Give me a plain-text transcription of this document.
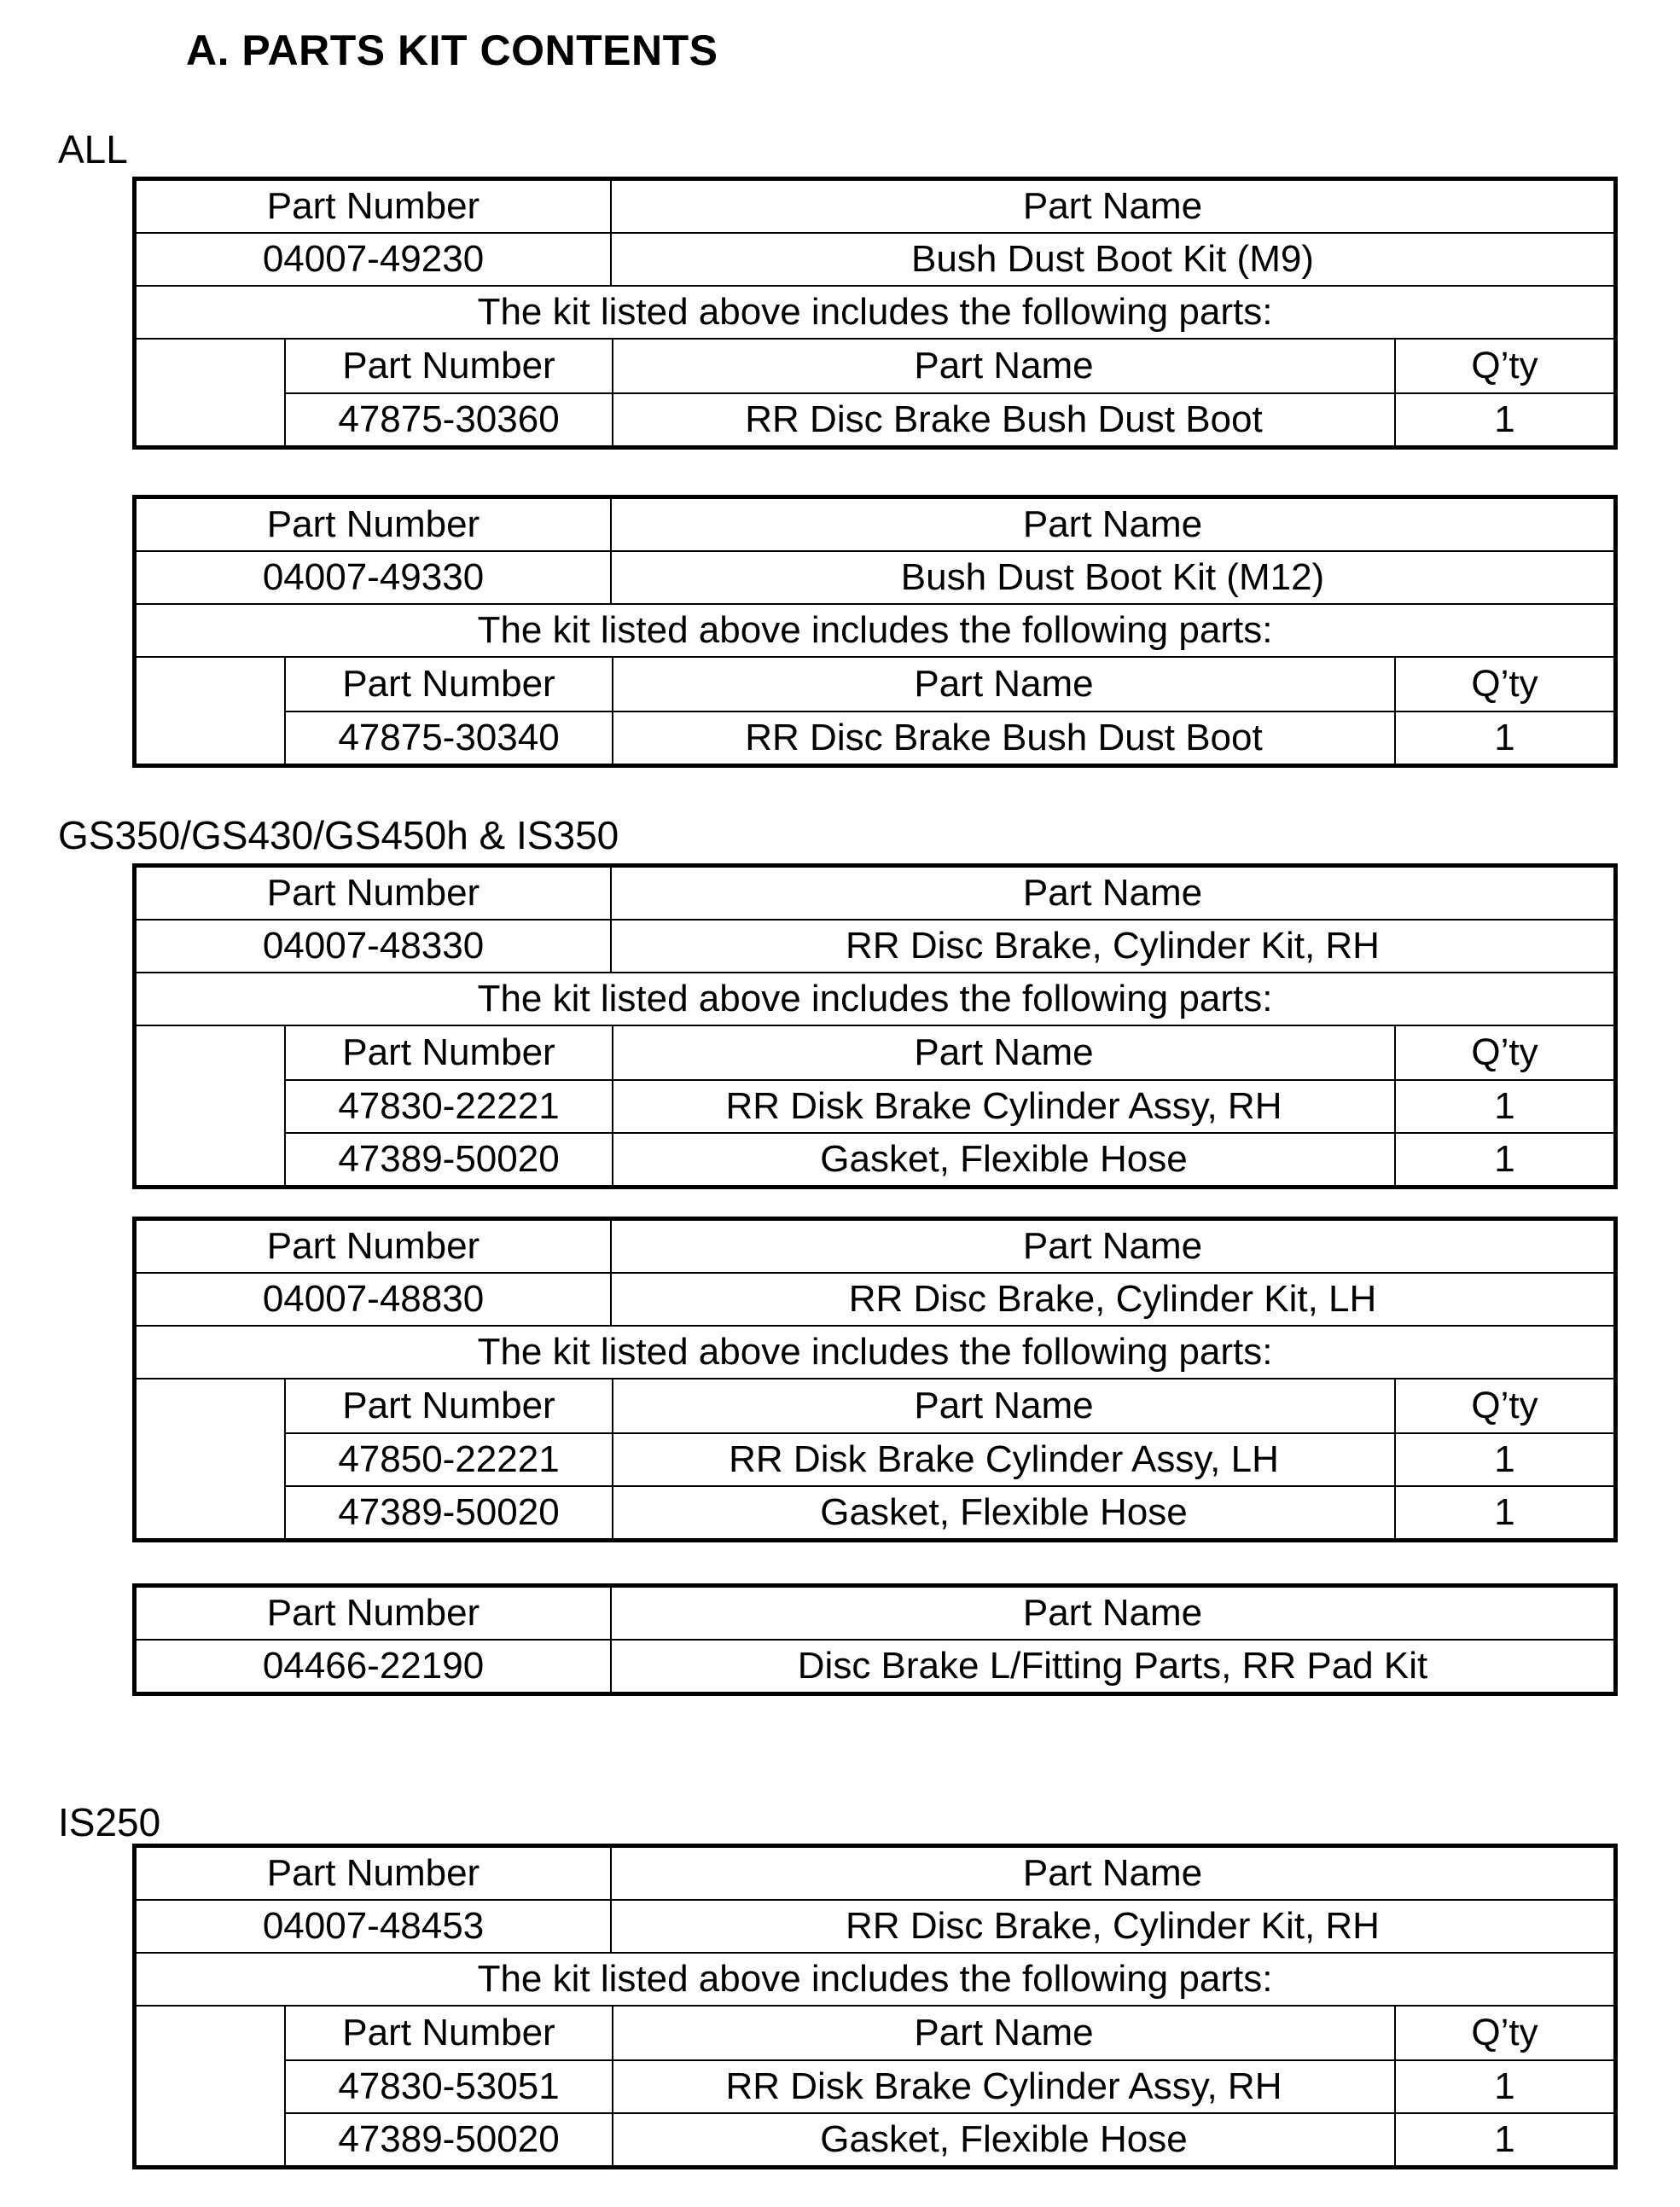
A. PARTS KIT CONTENTS
ALL
Part Number	Part Name
04007-49230	Bush Dust Boot Kit (M9)
The kit listed above includes the following parts:
Part Number	Part Name	Q’ty
47875-30360	RR Disc Brake Bush Dust Boot	1
Part Number	Part Name
04007-49330	Bush Dust Boot Kit (M12)
The kit listed above includes the following parts:
Part Number	Part Name	Q’ty
47875-30340	RR Disc Brake Bush Dust Boot	1
GS350/GS430/GS450h & IS350
Part Number	Part Name
04007-48330	RR Disc Brake, Cylinder Kit, RH
The kit listed above includes the following parts:
Part Number	Part Name	Q’ty
47830-22221	RR Disk Brake Cylinder Assy, RH	1
47389-50020	Gasket, Flexible Hose	1
Part Number	Part Name
04007-48830	RR Disc Brake, Cylinder Kit, LH
The kit listed above includes the following parts:
Part Number	Part Name	Q’ty
47850-22221	RR Disk Brake Cylinder Assy, LH	1
47389-50020	Gasket, Flexible Hose	1
Part Number	Part Name
04466-22190	Disc Brake L/Fitting Parts, RR Pad Kit
IS250
Part Number	Part Name
04007-48453	RR Disc Brake, Cylinder Kit, RH
The kit listed above includes the following parts:
Part Number	Part Name	Q’ty
47830-53051	RR Disk Brake Cylinder Assy, RH	1
47389-50020	Gasket, Flexible Hose	1
